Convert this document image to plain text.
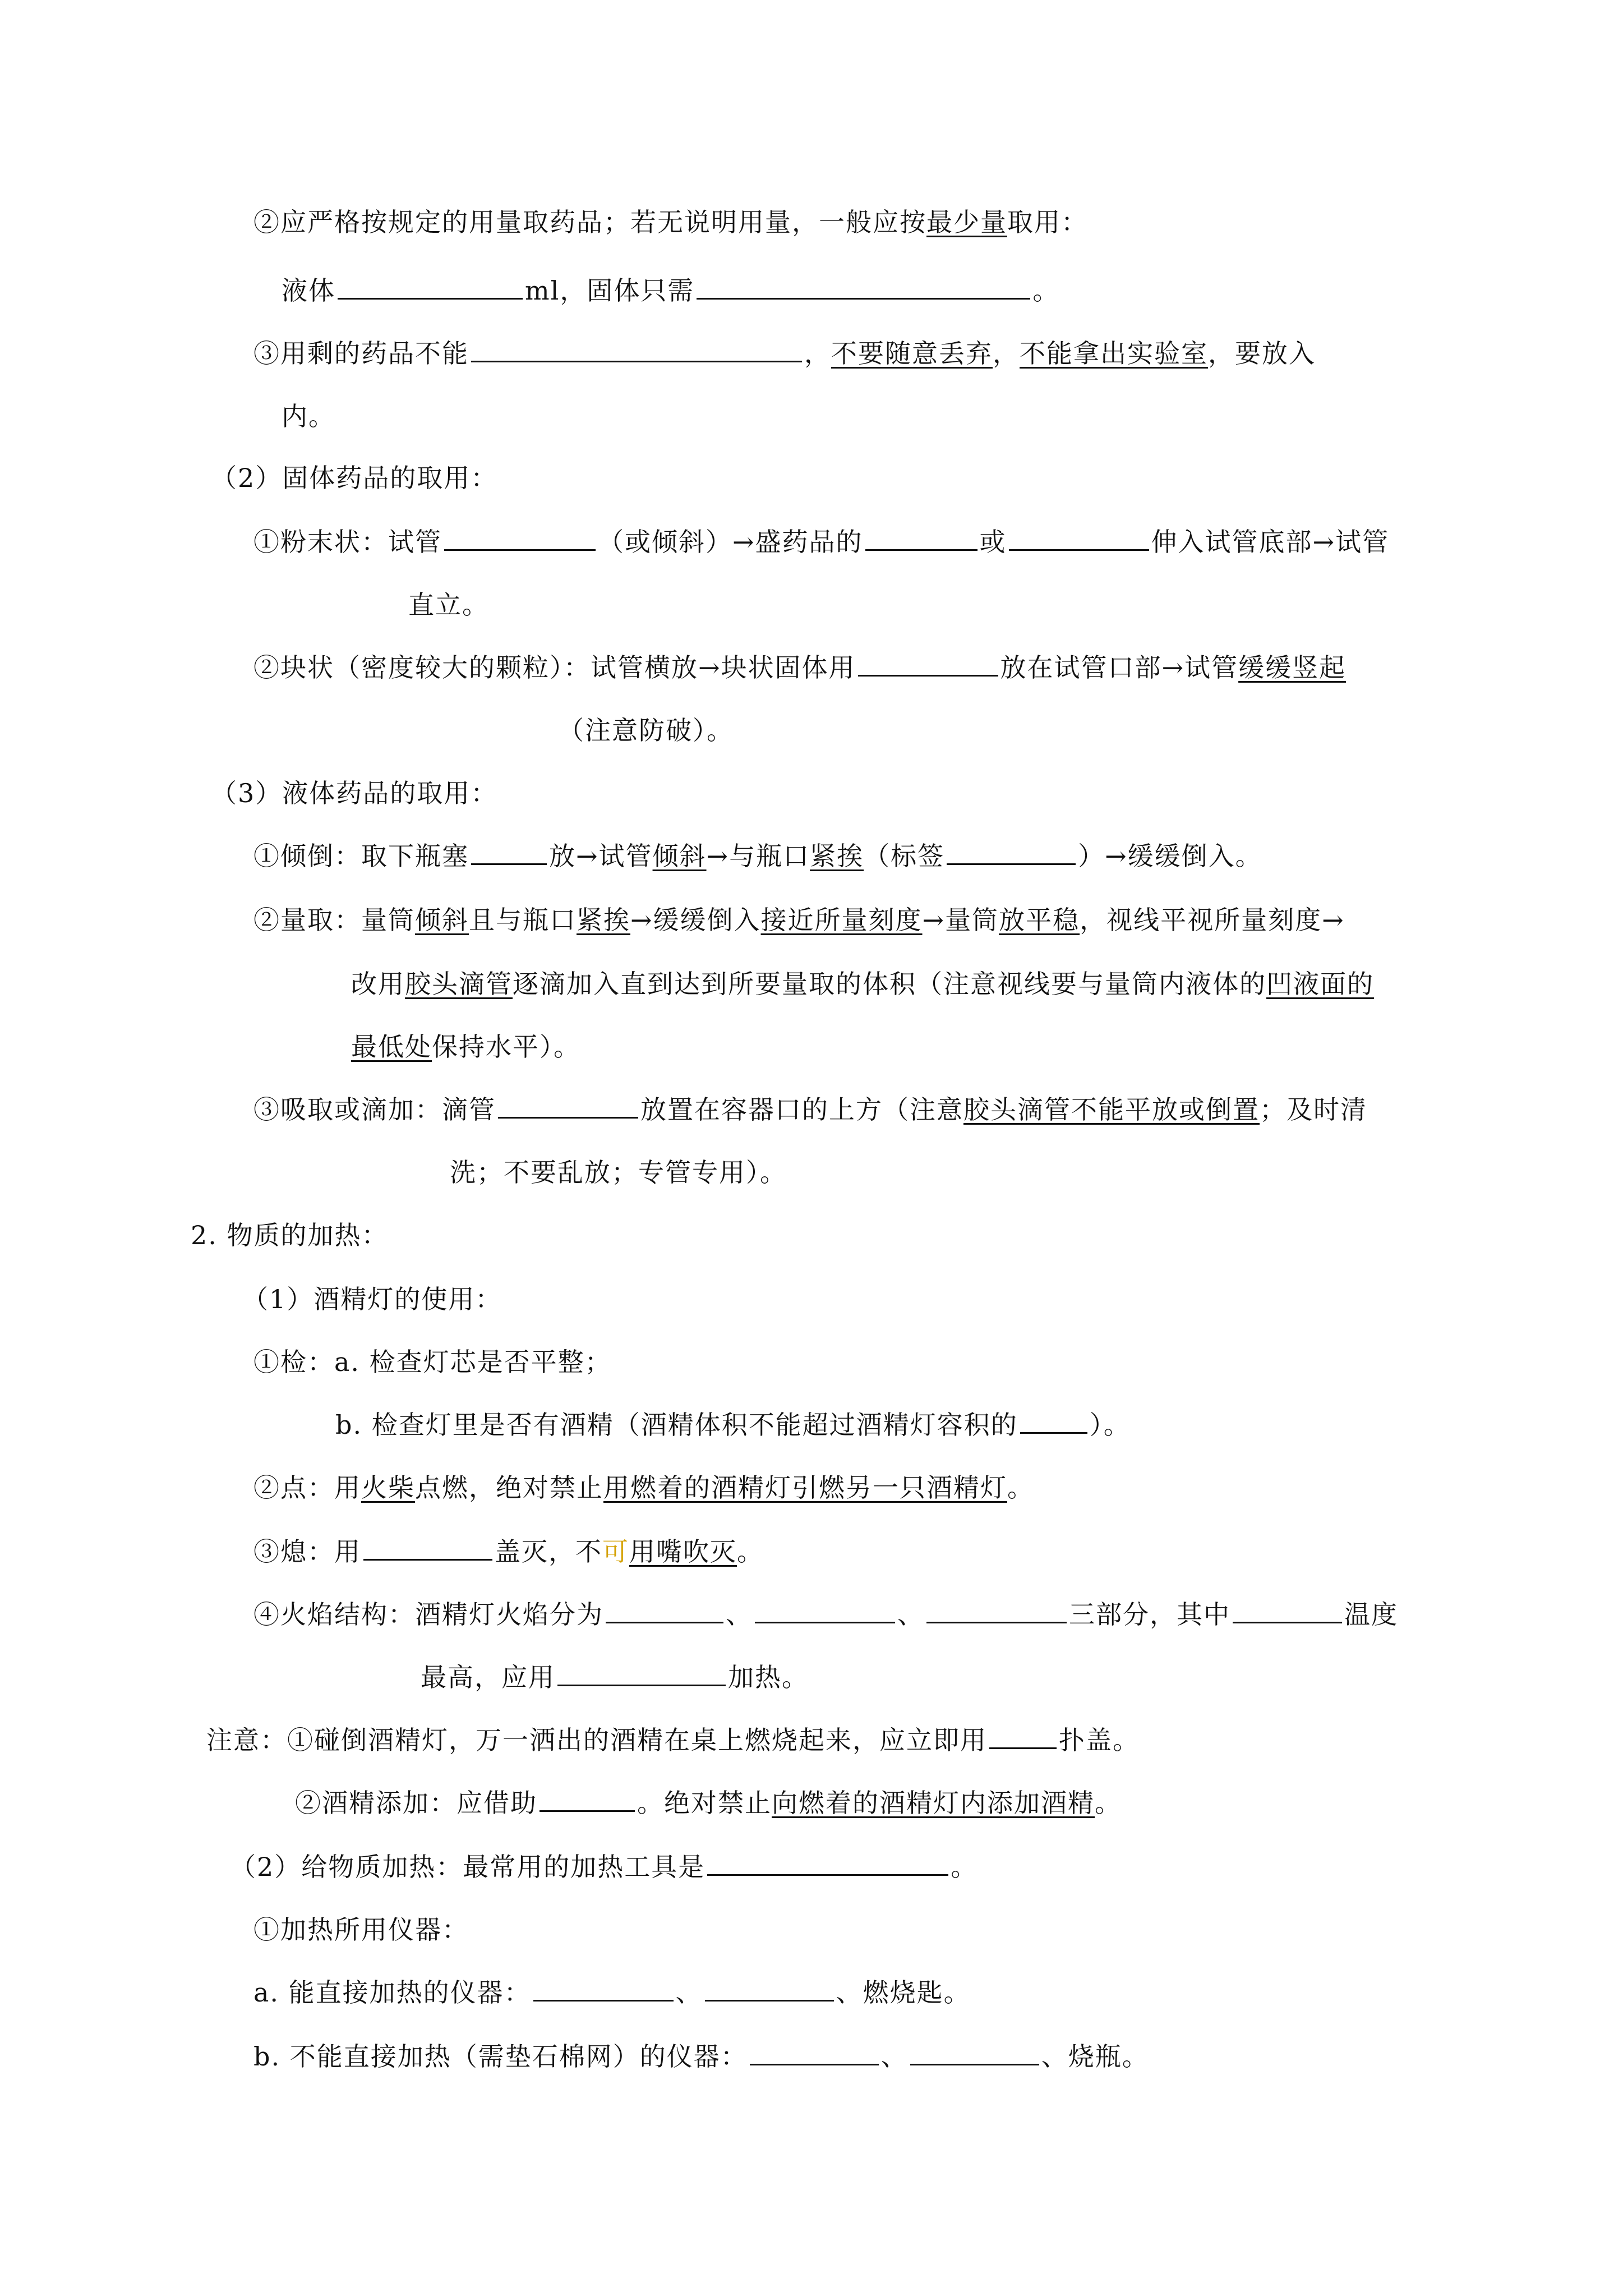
②应严格按规定的用量取药品；若无说明用量，一般应按最少量取用：
液体	ml，固体只需	。
③用剩的药品不能	，不要随意丢弃，不能拿出实验室，要放入
内。
（2）固体药品的取用：
①粉末状：试管	（或倾斜）→盛药品的	或	伸入试管底部→试管
直立。
②块状（密度较大的颗粒）：试管横放→块状固体用	放在试管口部→试管缓缓竖起
（注意防破）。
（3）液体药品的取用：
①倾倒：取下瓶塞	放→试管倾斜→与瓶口紧挨（标签	）→缓缓倒入。
②量取：量筒倾斜且与瓶口紧挨→缓缓倒入接近所量刻度→量筒放平稳，视线平视所量刻度→
改用胶头滴管逐滴加入直到达到所要量取的体积（注意视线要与量筒内液体的凹液面的
最低处保持水平）。
③吸取或滴加：滴管	放置在容器口的上方（注意胶头滴管不能平放或倒置；及时清
洗；不要乱放；专管专用）。
2. 物质的加热：
（1）酒精灯的使用：
①检：a. 检查灯芯是否平整；
b. 检查灯里是否有酒精（酒精体积不能超过酒精灯容积的	）。
②点：用火柴点燃，绝对禁止用燃着的酒精灯引燃另一只酒精灯。
③熄：用	盖灭，不可用嘴吹灭。
④火焰结构：酒精灯火焰分为	、	、	三部分，其中	温度
最高，应用	加热。
注意：①碰倒酒精灯，万一洒出的酒精在桌上燃烧起来，应立即用	扑盖。
②酒精添加：应借助	。绝对禁止向燃着的酒精灯内添加酒精。
（2）给物质加热：最常用的加热工具是	。
①加热所用仪器：
a. 能直接加热的仪器：	、	、燃烧匙。
b. 不能直接加热（需垫石棉网）的仪器：	、	、烧瓶。
